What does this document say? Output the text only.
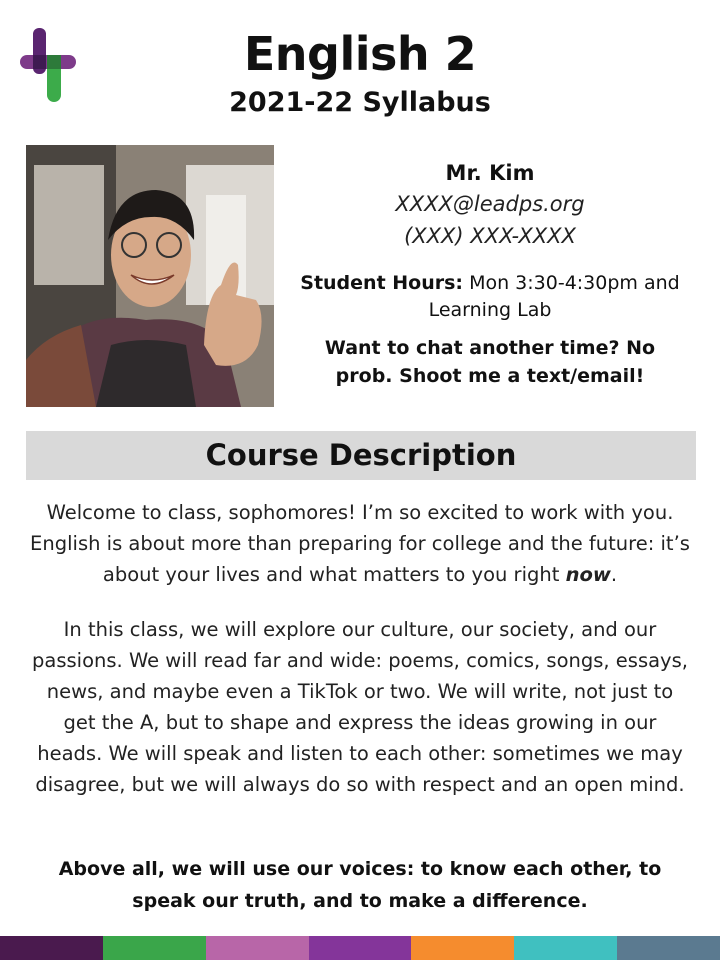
English 2
2021-22 Syllabus
Mr. Kim
XXXX@leadps.org
(XXX) XXX-XXXX
Student Hours: Mon 3:30-4:30pm and Learning Lab
Want to chat another time? No prob. Shoot me a text/email!
Course Description
Welcome to class, sophomores! I’m so excited to work with you. English is about more than preparing for college and the future: it’s about your lives and what matters to you right now.
In this class, we will explore our culture, our society, and our passions. We will read far and wide: poems, comics, songs, essays, news, and maybe even a TikTok or two. We will write, not just to get the A, but to shape and express the ideas growing in our heads. We will speak and listen to each other: sometimes we may disagree, but we will always do so with respect and an open mind.
Above all, we will use our voices: to know each other, to speak our truth, and to make a difference.
